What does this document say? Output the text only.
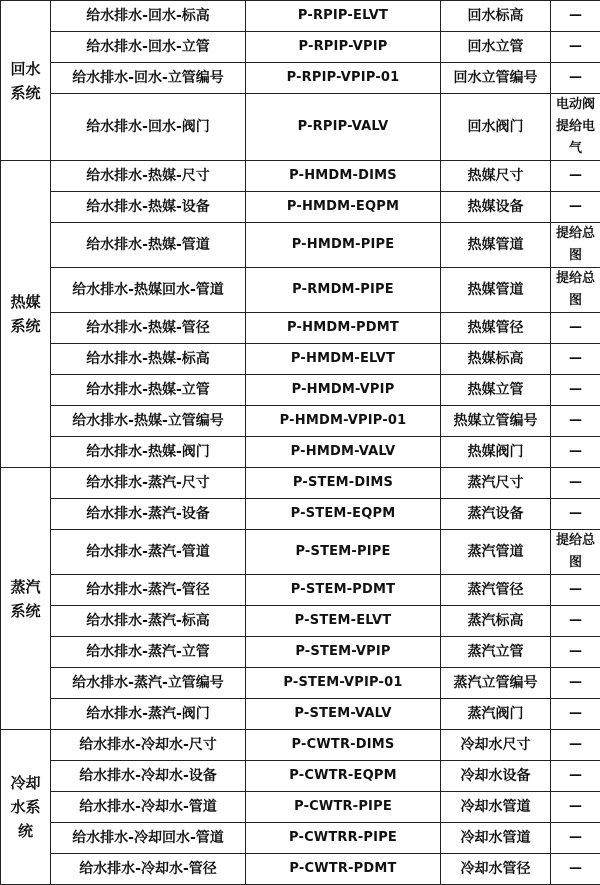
回水系统	给水排水-回水-标高	P-RPIP-ELVT	回水标高	—
	给水排水-回水-立管	P-RPIP-VPIP	回水立管	—
	给水排水-回水-立管编号	P-RPIP-VPIP-01	回水立管编号	—
	给水排水-回水-阀门	P-RPIP-VALV	回水阀门	电动阀提给电气
热媒系统	给水排水-热媒-尺寸	P-HMDM-DIMS	热媒尺寸	—
	给水排水-热媒-设备	P-HMDM-EQPM	热媒设备	—
	给水排水-热媒-管道	P-HMDM-PIPE	热媒管道	提给总图
	给水排水-热媒回水-管道	P-RMDM-PIPE	热媒管道	提给总图
	给水排水-热媒-管径	P-HMDM-PDMT	热媒管径	—
	给水排水-热媒-标高	P-HMDM-ELVT	热媒标高	—
	给水排水-热媒-立管	P-HMDM-VPIP	热媒立管	—
	给水排水-热媒-立管编号	P-HMDM-VPIP-01	热媒立管编号	—
	给水排水-热媒-阀门	P-HMDM-VALV	热媒阀门	—
蒸汽系统	给水排水-蒸汽-尺寸	P-STEM-DIMS	蒸汽尺寸	—
	给水排水-蒸汽-设备	P-STEM-EQPM	蒸汽设备	—
	给水排水-蒸汽-管道	P-STEM-PIPE	蒸汽管道	提给总图
	给水排水-蒸汽-管径	P-STEM-PDMT	蒸汽管径	—
	给水排水-蒸汽-标高	P-STEM-ELVT	蒸汽标高	—
	给水排水-蒸汽-立管	P-STEM-VPIP	蒸汽立管	—
	给水排水-蒸汽-立管编号	P-STEM-VPIP-01	蒸汽立管编号	—
	给水排水-蒸汽-阀门	P-STEM-VALV	蒸汽阀门	—
冷却水系统	给水排水-冷却水-尺寸	P-CWTR-DIMS	冷却水尺寸	—
	给水排水-冷却水-设备	P-CWTR-EQPM	冷却水设备	—
	给水排水-冷却水-管道	P-CWTR-PIPE	冷却水管道	—
	给水排水-冷却回水-管道	P-CWTRR-PIPE	冷却水管道	—
	给水排水-冷却水-管径	P-CWTR-PDMT	冷却水管径	—
